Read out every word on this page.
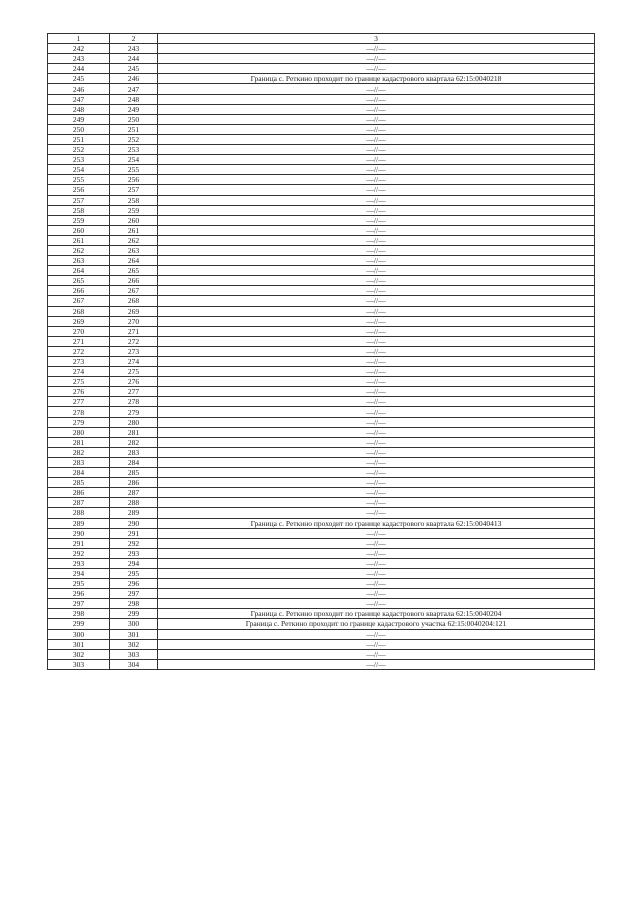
1	2	3
242	243	—//—
243	244	—//—
244	245	—//—
245	246	Граница с. Реткино проходит по границе кадастрового квартала 62:15:0040218
246	247	—//—
247	248	—//—
248	249	—//—
249	250	—//—
250	251	—//—
251	252	—//—
252	253	—//—
253	254	—//—
254	255	—//—
255	256	—//—
256	257	—//—
257	258	—//—
258	259	—//—
259	260	—//—
260	261	—//—
261	262	—//—
262	263	—//—
263	264	—//—
264	265	—//—
265	266	—//—
266	267	—//—
267	268	—//—
268	269	—//—
269	270	—//—
270	271	—//—
271	272	—//—
272	273	—//—
273	274	—//—
274	275	—//—
275	276	—//—
276	277	—//—
277	278	—//—
278	279	—//—
279	280	—//—
280	281	—//—
281	282	—//—
282	283	—//—
283	284	—//—
284	285	—//—
285	286	—//—
286	287	—//—
287	288	—//—
288	289	—//—
289	290	Граница с. Реткино проходит по границе кадастрового квартала 62:15:0040413
290	291	—//—
291	292	—//—
292	293	—//—
293	294	—//—
294	295	—//—
295	296	—//—
296	297	—//—
297	298	—//—
298	299	Граница с. Реткино проходит по границе кадастрового квартала 62:15:0040204
299	300	Граница с. Реткино проходит по границе кадастрового участка 62:15:0040204:121
300	301	—//—
301	302	—//—
302	303	—//—
303	304	—//—
